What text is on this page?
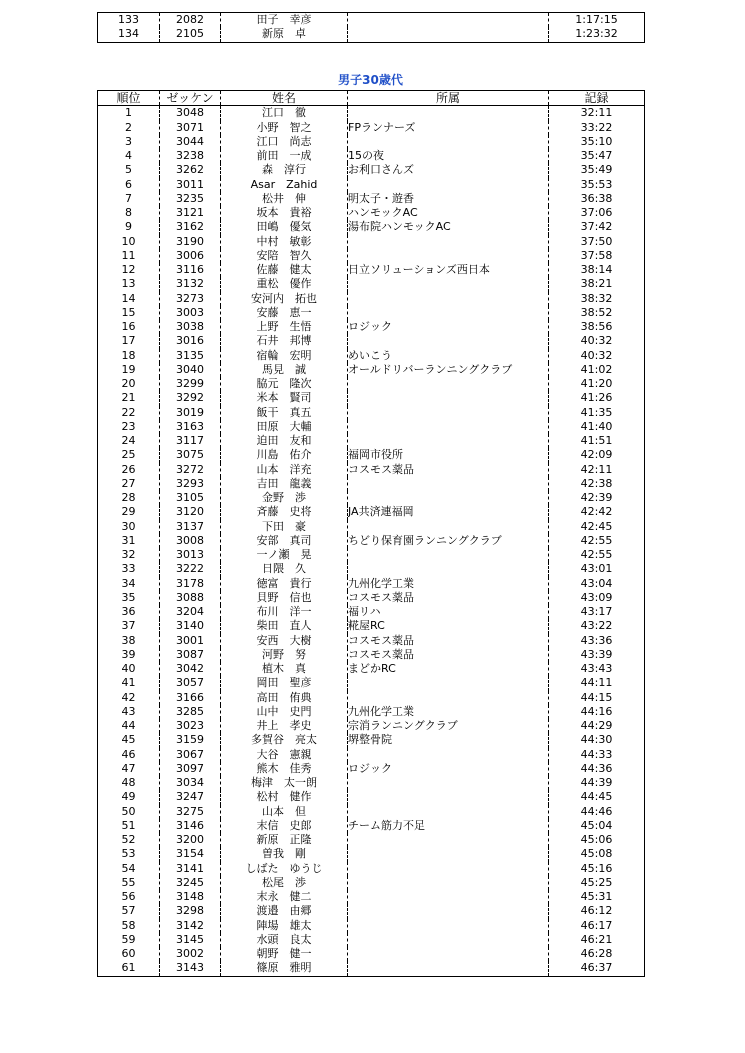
133	2082	田子　幸彦		1:17:15
134	2105	新原　卓		1:23:32
男子30歳代
順位	ゼッケン	姓名	所属	記録
1	3048	江口　徹		32:11
2	3071	小野　智之	FPランナーズ	33:22
3	3044	江口　尚志		35:10
4	3238	前田　一成	15の夜	35:47
5	3262	森　淳行	お利口さんズ	35:49
6	3011	Asar　Zahid		35:53
7	3235	松井　伸	明太子・遊香	36:38
8	3121	坂本　貴裕	ハンモックAC	37:06
9	3162	田嶋　優気	湯布院ハンモックAC	37:42
10	3190	中村　敏彰		37:50
11	3006	安陪　智久		37:58
12	3116	佐藤　健太	日立ソリューションズ西日本	38:14
13	3132	重松　優作		38:21
14	3273	安河内　拓也		38:32
15	3003	安藤　恵一		38:52
16	3038	上野　生悟	ロジック	38:56
17	3016	石井　邦博		40:32
18	3135	宿輪　宏明	めいこう	40:32
19	3040	馬見　誠	オールドリバーランニングクラブ	41:02
20	3299	脇元　隆次		41:20
21	3292	米本　賢司		41:26
22	3019	飯干　真五		41:35
23	3163	田原　大輔		41:40
24	3117	迫田　友和		41:51
25	3075	川島　佑介	福岡市役所	42:09
26	3272	山本　洋充	コスモス薬品	42:11
27	3293	吉田　龍義		42:38
28	3105	金野　渉		42:39
29	3120	斉藤　史将	JA共済連福岡	42:42
30	3137	下田　豪		42:45
31	3008	安部　真司	ちどり保育園ランニングクラブ	42:55
32	3013	一ノ瀬　晃		42:55
33	3222	日隈　久		43:01
34	3178	徳富　貴行	九州化学工業	43:04
35	3088	貝野　信也	コスモス薬品	43:09
36	3204	布川　洋一	福リハ	43:17
37	3140	柴田　直人	糀屋RC	43:22
38	3001	安西　大樹	コスモス薬品	43:36
39	3087	河野　努	コスモス薬品	43:39
40	3042	植木　真	まどかRC	43:43
41	3057	岡田　聖彦		44:11
42	3166	高田　侑典		44:15
43	3285	山中　史門	九州化学工業	44:16
44	3023	井上　孝史	宗消ランニングクラブ	44:29
45	3159	多賀谷　亮太	堺整骨院	44:30
46	3067	大谷　憲親		44:33
47	3097	熊木　佳秀	ロジック	44:36
48	3034	梅津　太一朗		44:39
49	3247	松村　健作		44:45
50	3275	山本　但		44:46
51	3146	末信　史郎	チーム筋力不足	45:04
52	3200	新原　正隆		45:06
53	3154	曽我　剛		45:08
54	3141	しばた　ゆうじ		45:16
55	3245	松尾　渉		45:25
56	3148	末永　健二		45:31
57	3298	渡邉　由郷		46:12
58	3142	陣場　雄太		46:17
59	3145	水頭　良太		46:21
60	3002	朝野　健一		46:28
61	3143	篠原　雅明		46:37
